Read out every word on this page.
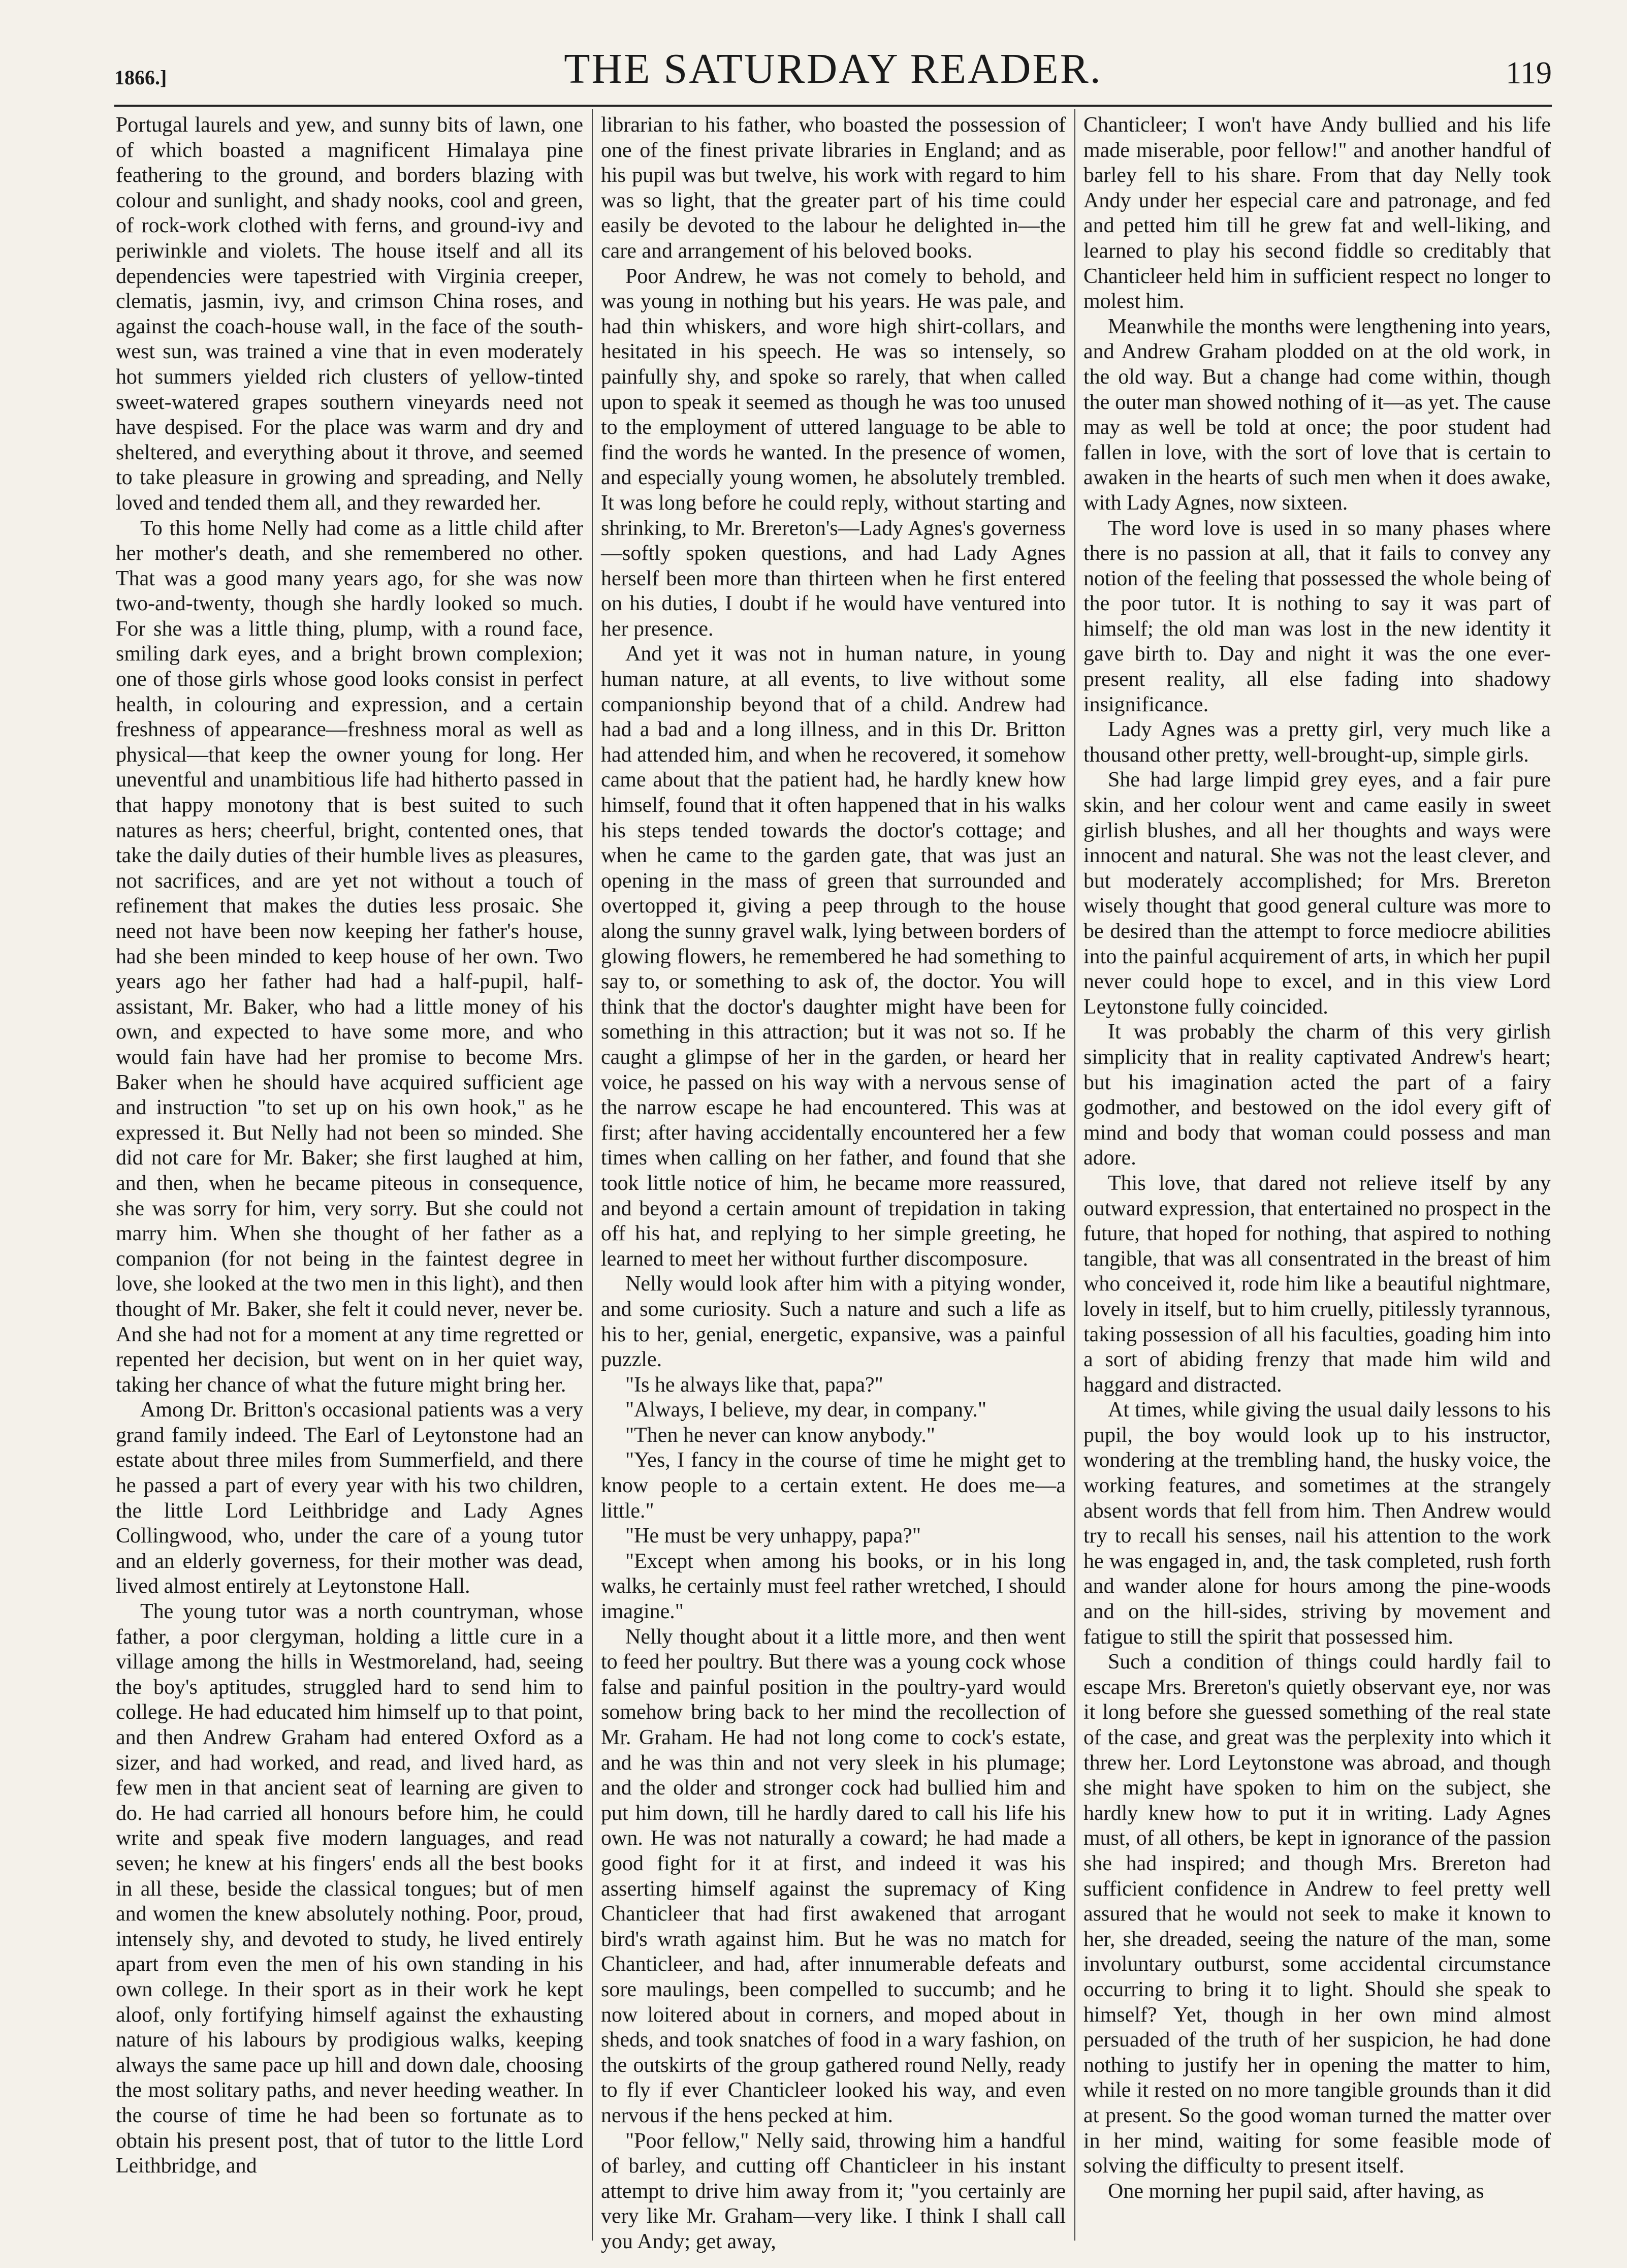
1866.]	THE SATURDAY READER.	119

Portugal laurels and yew, and sunny bits of lawn, one of which boasted a magnificent Himalaya pine feathering to the ground, and borders blazing with colour and sunlight, and shady nooks, cool and green, of rock-work clothed with ferns, and ground-ivy and periwinkle and violets. The house itself and all its dependencies were tapestried with Virginia creeper, clematis, jasmin, ivy, and crimson China roses, and against the coach-house wall, in the face of the south-west sun, was trained a vine that in even moderately hot summers yielded rich clusters of yellow-tinted sweet-watered grapes southern vineyards need not have despised. For the place was warm and dry and sheltered, and everything about it throve, and seemed to take pleasure in growing and spreading, and Nelly loved and tended them all, and they rewarded her.

To this home Nelly had come as a little child after her mother's death, and she remembered no other. That was a good many years ago, for she was now two-and-twenty, though she hardly looked so much. For she was a little thing, plump, with a round face, smiling dark eyes, and a bright brown complexion; one of those girls whose good looks consist in perfect health, in colouring and expression, and a certain freshness of appearance—freshness moral as well as physical—that keep the owner young for long. Her uneventful and unambitious life had hitherto passed in that happy monotony that is best suited to such natures as hers; cheerful, bright, contented ones, that take the daily duties of their humble lives as pleasures, not sacrifices, and are yet not without a touch of refinement that makes the duties less prosaic. She need not have been now keeping her father's house, had she been minded to keep house of her own. Two years ago her father had had a half-pupil, half-assistant, Mr. Baker, who had a little money of his own, and expected to have some more, and who would fain have had her promise to become Mrs. Baker when he should have acquired sufficient age and instruction "to set up on his own hook," as he expressed it. But Nelly had not been so minded. She did not care for Mr. Baker; she first laughed at him, and then, when he became piteous in consequence, she was sorry for him, very sorry. But she could not marry him. When she thought of her father as a companion (for not being in the faintest degree in love, she looked at the two men in this light), and then thought of Mr. Baker, she felt it could never, never be. And she had not for a moment at any time regretted or repented her decision, but went on in her quiet way, taking her chance of what the future might bring her.

Among Dr. Britton's occasional patients was a very grand family indeed. The Earl of Leytonstone had an estate about three miles from Summerfield, and there he passed a part of every year with his two children, the little Lord Leithbridge and Lady Agnes Collingwood, who, under the care of a young tutor and an elderly governess, for their mother was dead, lived almost entirely at Leytonstone Hall.

The young tutor was a north countryman, whose father, a poor clergyman, holding a little cure in a village among the hills in Westmoreland, had, seeing the boy's aptitudes, struggled hard to send him to college. He had educated him himself up to that point, and then Andrew Graham had entered Oxford as a sizer, and had worked, and read, and lived hard, as few men in that ancient seat of learning are given to do. He had carried all honours before him, he could write and speak five modern languages, and read seven; he knew at his fingers' ends all the best books in all these, beside the classical tongues; but of men and women the knew absolutely nothing. Poor, proud, intensely shy, and devoted to study, he lived entirely apart from even the men of his own standing in his own college. In their sport as in their work he kept aloof, only fortifying himself against the exhausting nature of his labours by prodigious walks, keeping always the same pace up hill and down dale, choosing the most solitary paths, and never heeding weather. In the course of time he had been so fortunate as to obtain his present post, that of tutor to the little Lord Leithbridge, and

librarian to his father, who boasted the possession of one of the finest private libraries in England; and as his pupil was but twelve, his work with regard to him was so light, that the greater part of his time could easily be devoted to the labour he delighted in—the care and arrangement of his beloved books.

Poor Andrew, he was not comely to behold, and was young in nothing but his years. He was pale, and had thin whiskers, and wore high shirt-collars, and hesitated in his speech. He was so intensely, so painfully shy, and spoke so rarely, that when called upon to speak it seemed as though he was too unused to the employment of uttered language to be able to find the words he wanted. In the presence of women, and especially young women, he absolutely trembled. It was long before he could reply, without starting and shrinking, to Mr. Brereton's—Lady Agnes's governess—softly spoken questions, and had Lady Agnes herself been more than thirteen when he first entered on his duties, I doubt if he would have ventured into her presence.

And yet it was not in human nature, in young human nature, at all events, to live without some companionship beyond that of a child. Andrew had had a bad and a long illness, and in this Dr. Britton had attended him, and when he recovered, it somehow came about that the patient had, he hardly knew how himself, found that it often happened that in his walks his steps tended towards the doctor's cottage; and when he came to the garden gate, that was just an opening in the mass of green that surrounded and overtopped it, giving a peep through to the house along the sunny gravel walk, lying between borders of glowing flowers, he remembered he had something to say to, or something to ask of, the doctor. You will think that the doctor's daughter might have been for something in this attraction; but it was not so. If he caught a glimpse of her in the garden, or heard her voice, he passed on his way with a nervous sense of the narrow escape he had encountered. This was at first; after having accidentally encountered her a few times when calling on her father, and found that she took little notice of him, he became more reassured, and beyond a certain amount of trepidation in taking off his hat, and replying to her simple greeting, he learned to meet her without further discomposure.

Nelly would look after him with a pitying wonder, and some curiosity. Such a nature and such a life as his to her, genial, energetic, expansive, was a painful puzzle.

"Is he always like that, papa?"

"Always, I believe, my dear, in company."

"Then he never can know anybody."

"Yes, I fancy in the course of time he might get to know people to a certain extent. He does me—a little."

"He must be very unhappy, papa?"

"Except when among his books, or in his long walks, he certainly must feel rather wretched, I should imagine."

Nelly thought about it a little more, and then went to feed her poultry. But there was a young cock whose false and painful position in the poultry-yard would somehow bring back to her mind the recollection of Mr. Graham. He had not long come to cock's estate, and he was thin and not very sleek in his plumage; and the older and stronger cock had bullied him and put him down, till he hardly dared to call his life his own. He was not naturally a coward; he had made a good fight for it at first, and indeed it was his asserting himself against the supremacy of King Chanticleer that had first awakened that arrogant bird's wrath against him. But he was no match for Chanticleer, and had, after innumerable defeats and sore maulings, been compelled to succumb; and he now loitered about in corners, and moped about in sheds, and took snatches of food in a wary fashion, on the outskirts of the group gathered round Nelly, ready to fly if ever Chanticleer looked his way, and even nervous if the hens pecked at him.

"Poor fellow," Nelly said, throwing him a handful of barley, and cutting off Chanticleer in his instant attempt to drive him away from it; "you certainly are very like Mr. Graham—very like. I think I shall call you Andy; get away,

Chanticleer; I won't have Andy bullied and his life made miserable, poor fellow!" and another handful of barley fell to his share. From that day Nelly took Andy under her especial care and patronage, and fed and petted him till he grew fat and well-liking, and learned to play his second fiddle so creditably that Chanticleer held him in sufficient respect no longer to molest him.

Meanwhile the months were lengthening into years, and Andrew Graham plodded on at the old work, in the old way. But a change had come within, though the outer man showed nothing of it—as yet. The cause may as well be told at once; the poor student had fallen in love, with the sort of love that is certain to awaken in the hearts of such men when it does awake, with Lady Agnes, now sixteen.

The word love is used in so many phases where there is no passion at all, that it fails to convey any notion of the feeling that possessed the whole being of the poor tutor. It is nothing to say it was part of himself; the old man was lost in the new identity it gave birth to. Day and night it was the one ever-present reality, all else fading into shadowy insignificance.

Lady Agnes was a pretty girl, very much like a thousand other pretty, well-brought-up, simple girls.

She had large limpid grey eyes, and a fair pure skin, and her colour went and came easily in sweet girlish blushes, and all her thoughts and ways were innocent and natural. She was not the least clever, and but moderately accomplished; for Mrs. Brereton wisely thought that good general culture was more to be desired than the attempt to force mediocre abilities into the painful acquirement of arts, in which her pupil never could hope to excel, and in this view Lord Leytonstone fully coincided.

It was probably the charm of this very girlish simplicity that in reality captivated Andrew's heart; but his imagination acted the part of a fairy godmother, and bestowed on the idol every gift of mind and body that woman could possess and man adore.

This love, that dared not relieve itself by any outward expression, that entertained no prospect in the future, that hoped for nothing, that aspired to nothing tangible, that was all consentrated in the breast of him who conceived it, rode him like a beautiful nightmare, lovely in itself, but to him cruelly, pitilessly tyrannous, taking possession of all his faculties, goading him into a sort of abiding frenzy that made him wild and haggard and distracted.

At times, while giving the usual daily lessons to his pupil, the boy would look up to his instructor, wondering at the trembling hand, the husky voice, the working features, and sometimes at the strangely absent words that fell from him. Then Andrew would try to recall his senses, nail his attention to the work he was engaged in, and, the task completed, rush forth and wander alone for hours among the pine-woods and on the hill-sides, striving by movement and fatigue to still the spirit that possessed him.

Such a condition of things could hardly fail to escape Mrs. Brereton's quietly observant eye, nor was it long before she guessed something of the real state of the case, and great was the perplexity into which it threw her. Lord Leytonstone was abroad, and though she might have spoken to him on the subject, she hardly knew how to put it in writing. Lady Agnes must, of all others, be kept in ignorance of the passion she had inspired; and though Mrs. Brereton had sufficient confidence in Andrew to feel pretty well assured that he would not seek to make it known to her, she dreaded, seeing the nature of the man, some involuntary outburst, some accidental circumstance occurring to bring it to light. Should she speak to himself? Yet, though in her own mind almost persuaded of the truth of her suspicion, he had done nothing to justify her in opening the matter to him, while it rested on no more tangible grounds than it did at present. So the good woman turned the matter over in her mind, waiting for some feasible mode of solving the difficulty to present itself.

One morning her pupil said, after having, as
